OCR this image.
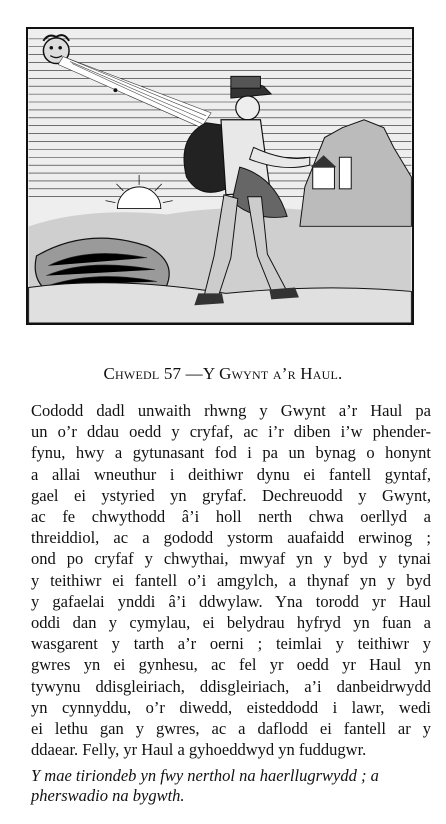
Chwedl 57 —Y Gwynt a’r Haul.
Cododd dadl unwaith rhwng y Gwynt a’r Haul pa
un o’r ddau oedd y cryfaf, ac i’r diben i’w phender-
fynu, hwy a gytunasant fod i pa un bynag o honynt
a allai wneuthur i deithiwr dynu ei fantell gyntaf,
gael ei ystyried yn gryfaf. Dechreuodd y Gwynt,
ac fe chwythodd â’i holl nerth chwa oerllyd a
threiddiol, ac a gododd ystorm auafaidd erwinog ;
ond po cryfaf y chwythai, mwyaf yn y byd y tynai
y teithiwr ei fantell o’i amgylch, a thynaf yn y byd
y gafaelai ynddi â’i ddwylaw. Yna torodd yr Haul
oddi dan y cymylau, ei belydrau hyfryd yn fuan a
wasgarent y tarth a’r oerni ; teimlai y teithiwr y
gwres yn ei gynhesu, ac fel yr oedd yr Haul yn
tywynu ddisgleiriach, ddisgleiriach, a’i danbeidrwydd
yn cynnyddu, o’r diwedd, eisteddodd i lawr, wedi
ei lethu gan y gwres, ac a daflodd ei fantell ar y
ddaear. Felly, yr Haul a gyhoeddwyd yn fuddugwr.
Y mae tiriondeb yn fwy nerthol na haerllugrwydd ; a
pherswadio na bygwth.
